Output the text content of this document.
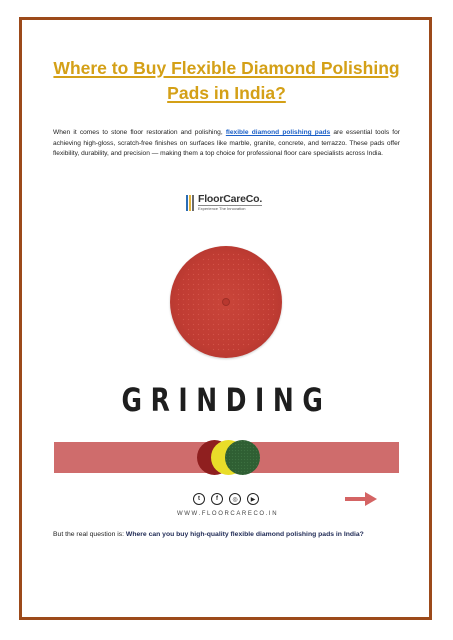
Where to Buy Flexible Diamond Polishing Pads in India?

When it comes to stone floor restoration and polishing, flexible diamond polishing pads are essential tools for achieving high-gloss, scratch-free finishes on surfaces like marble, granite, concrete, and terrazzo. These pads offer flexibility, durability, and precision — making them a top choice for professional floor care specialists across India.

FloorCareCo.
Experience The Innovation
GRINDING
t	f	◎	▶
WWW.FLOORCARECO.IN

But the real question is: Where can you buy high-quality flexible diamond polishing pads in India?
